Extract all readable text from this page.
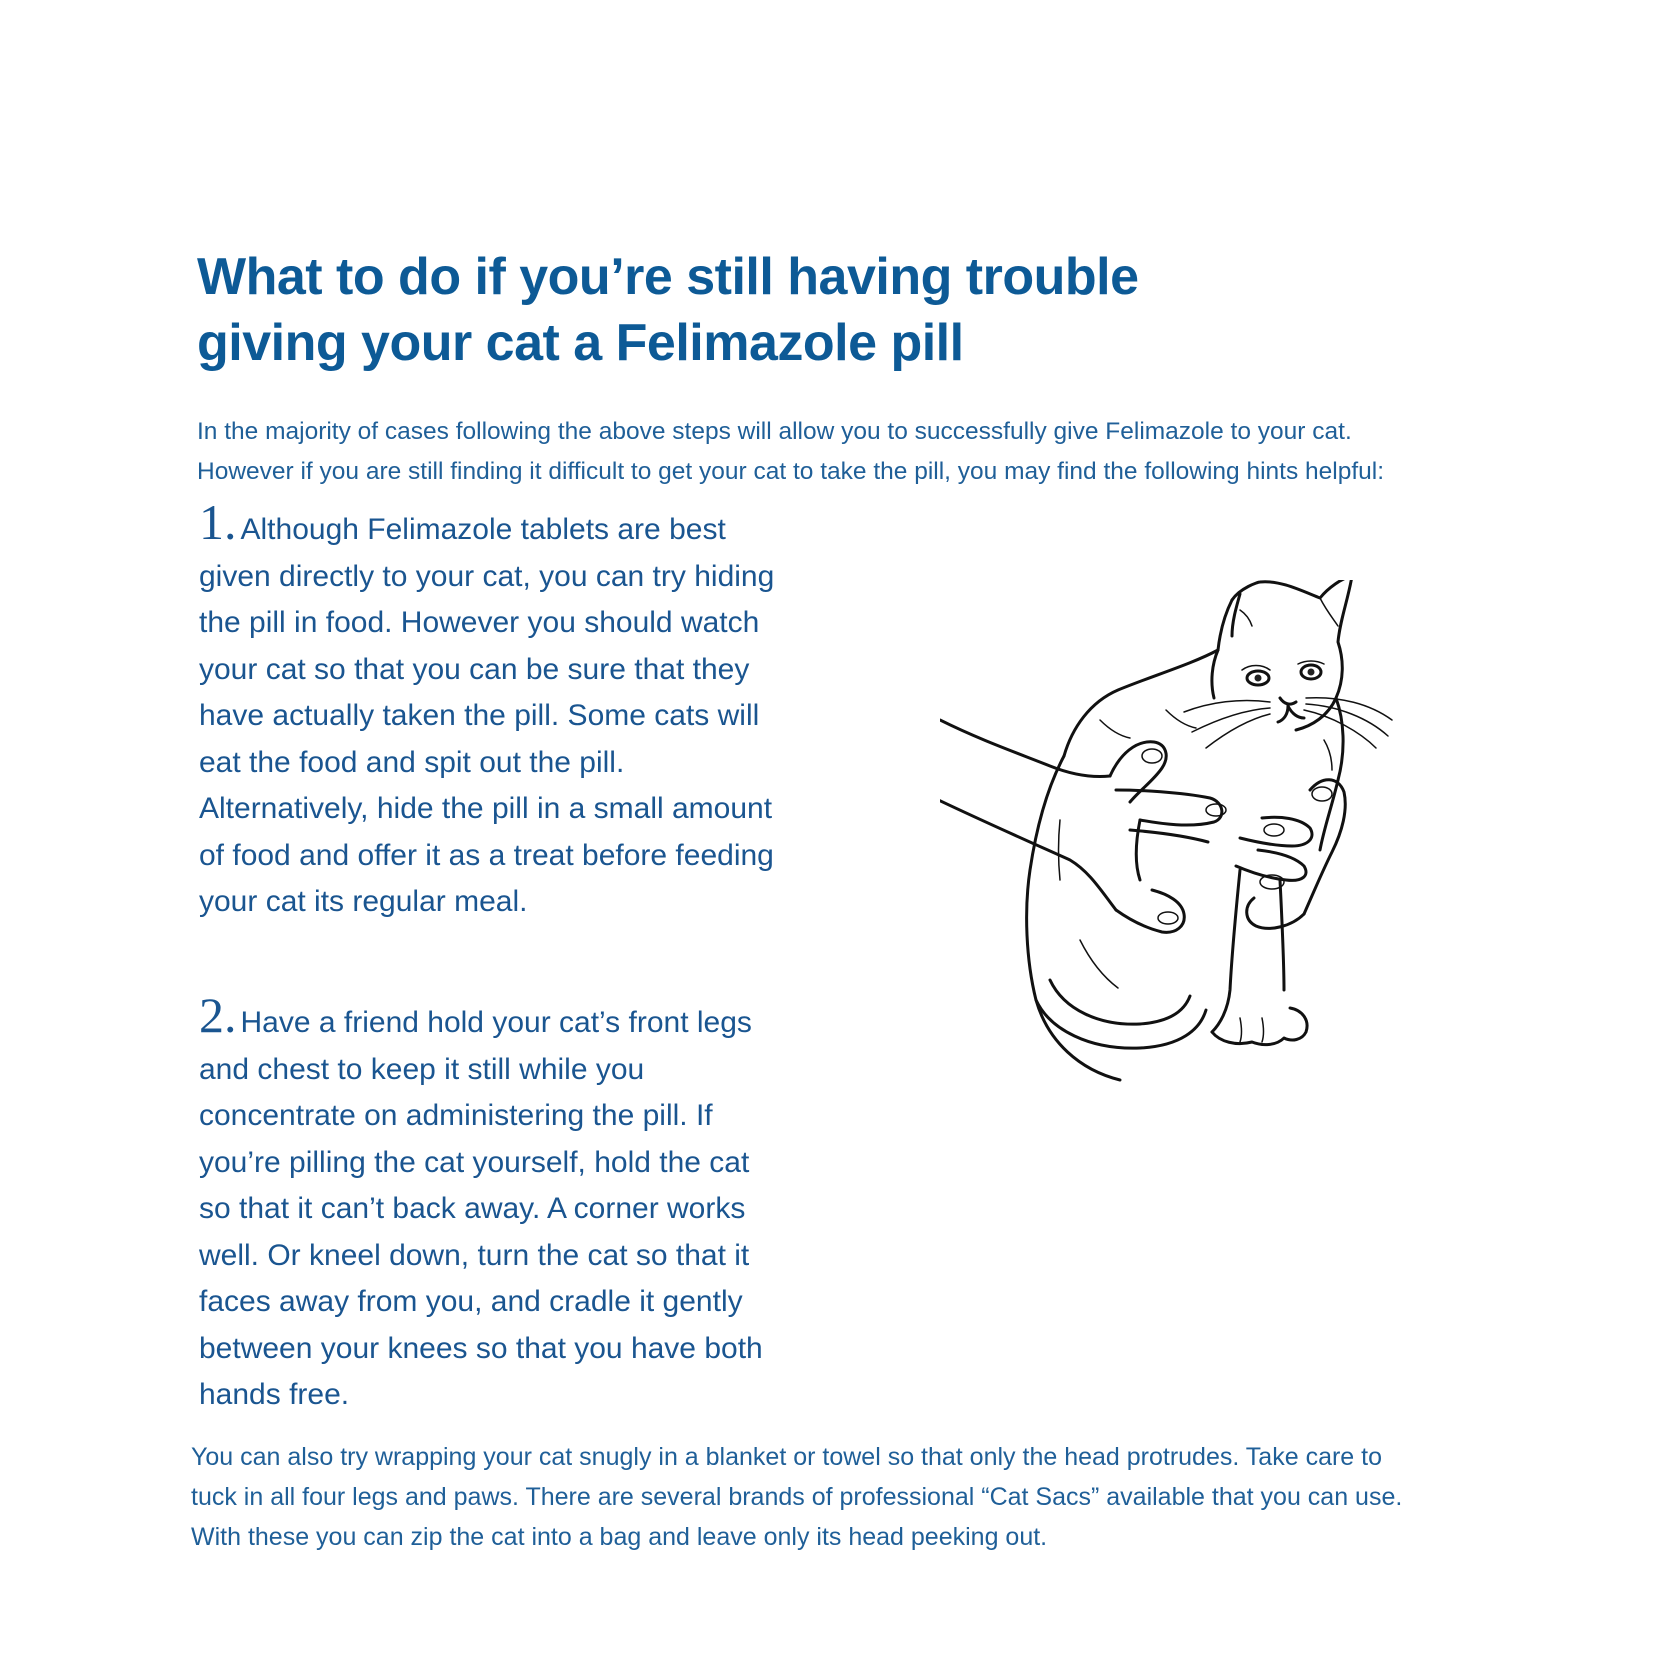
What to do if you’re still having trouble
giving your cat a Felimazole pill
In the majority of cases following the above steps will allow you to successfully give Felimazole to your cat.
However if you are still finding it difficult to get your cat to take the pill, you may find the following hints helpful:
1. Although Felimazole tablets are best
given directly to your cat, you can try hiding
the pill in food. However you should watch
your cat so that you can be sure that they
have actually taken the pill. Some cats will
eat the food and spit out the pill.
Alternatively, hide the pill in a small amount
of food and offer it as a treat before feeding
your cat its regular meal.
2. Have a friend hold your cat’s front legs
and chest to keep it still while you
concentrate on administering the pill. If
you’re pilling the cat yourself, hold the cat
so that it can’t back away. A corner works
well. Or kneel down, turn the cat so that it
faces away from you, and cradle it gently
between your knees so that you have both
hands free.
You can also try wrapping your cat snugly in a blanket or towel so that only the head protrudes. Take care to
tuck in all four legs and paws. There are several brands of professional “Cat Sacs” available that you can use.
With these you can zip the cat into a bag and leave only its head peeking out.
